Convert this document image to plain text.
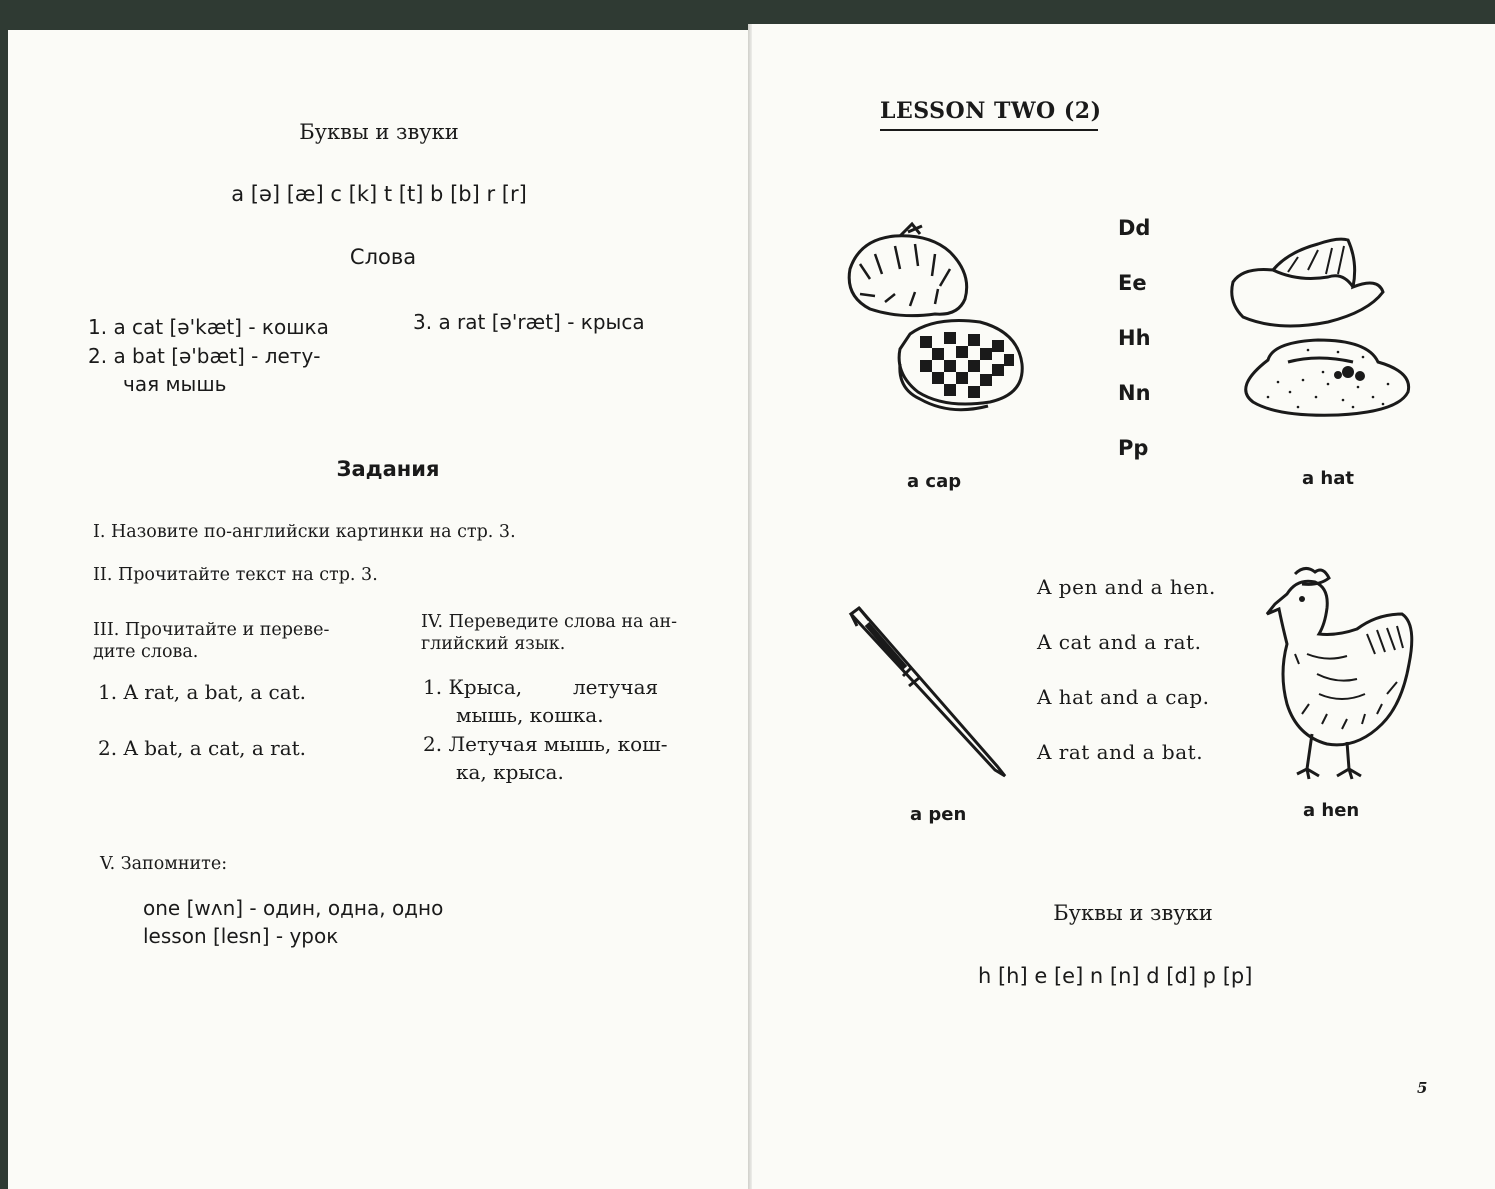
Буквы и звуки
a [ə] [æ] c [k] t [t] b [b] r [r]
Слова
1. a cat [ə'kæt] - кошка
2. a bat [ə'bæt] - лету-
чая мышь
3. a rat [ə'ræt] - крыса
Задания
I. Назовите по-английски картинки на стр. 3.
II. Прочитайте текст на стр. 3.
III. Прочитайте и переве-
дите слова.
1. A rat, a bat, a cat.
2. A bat, a cat, a rat.
IV. Переведите слова на ан-
глийский язык.
1. Крыса,        летучая
мышь, кошка.
2. Летучая мышь, кош-
ка, крыса.
V. Запомните:
one [wʌn] - один, одна, одно
lesson [lesn] - урок
LESSON TWO (2)
Dd
Ee
Hh
Nn
Pp
a cap	a hat
A pen and a hen.
A cat and a rat.
A hat and a cap.
A rat and a bat.
a pen	a hen
Буквы и звуки
h [h] e [e] n [n] d [d] p [p]
5
